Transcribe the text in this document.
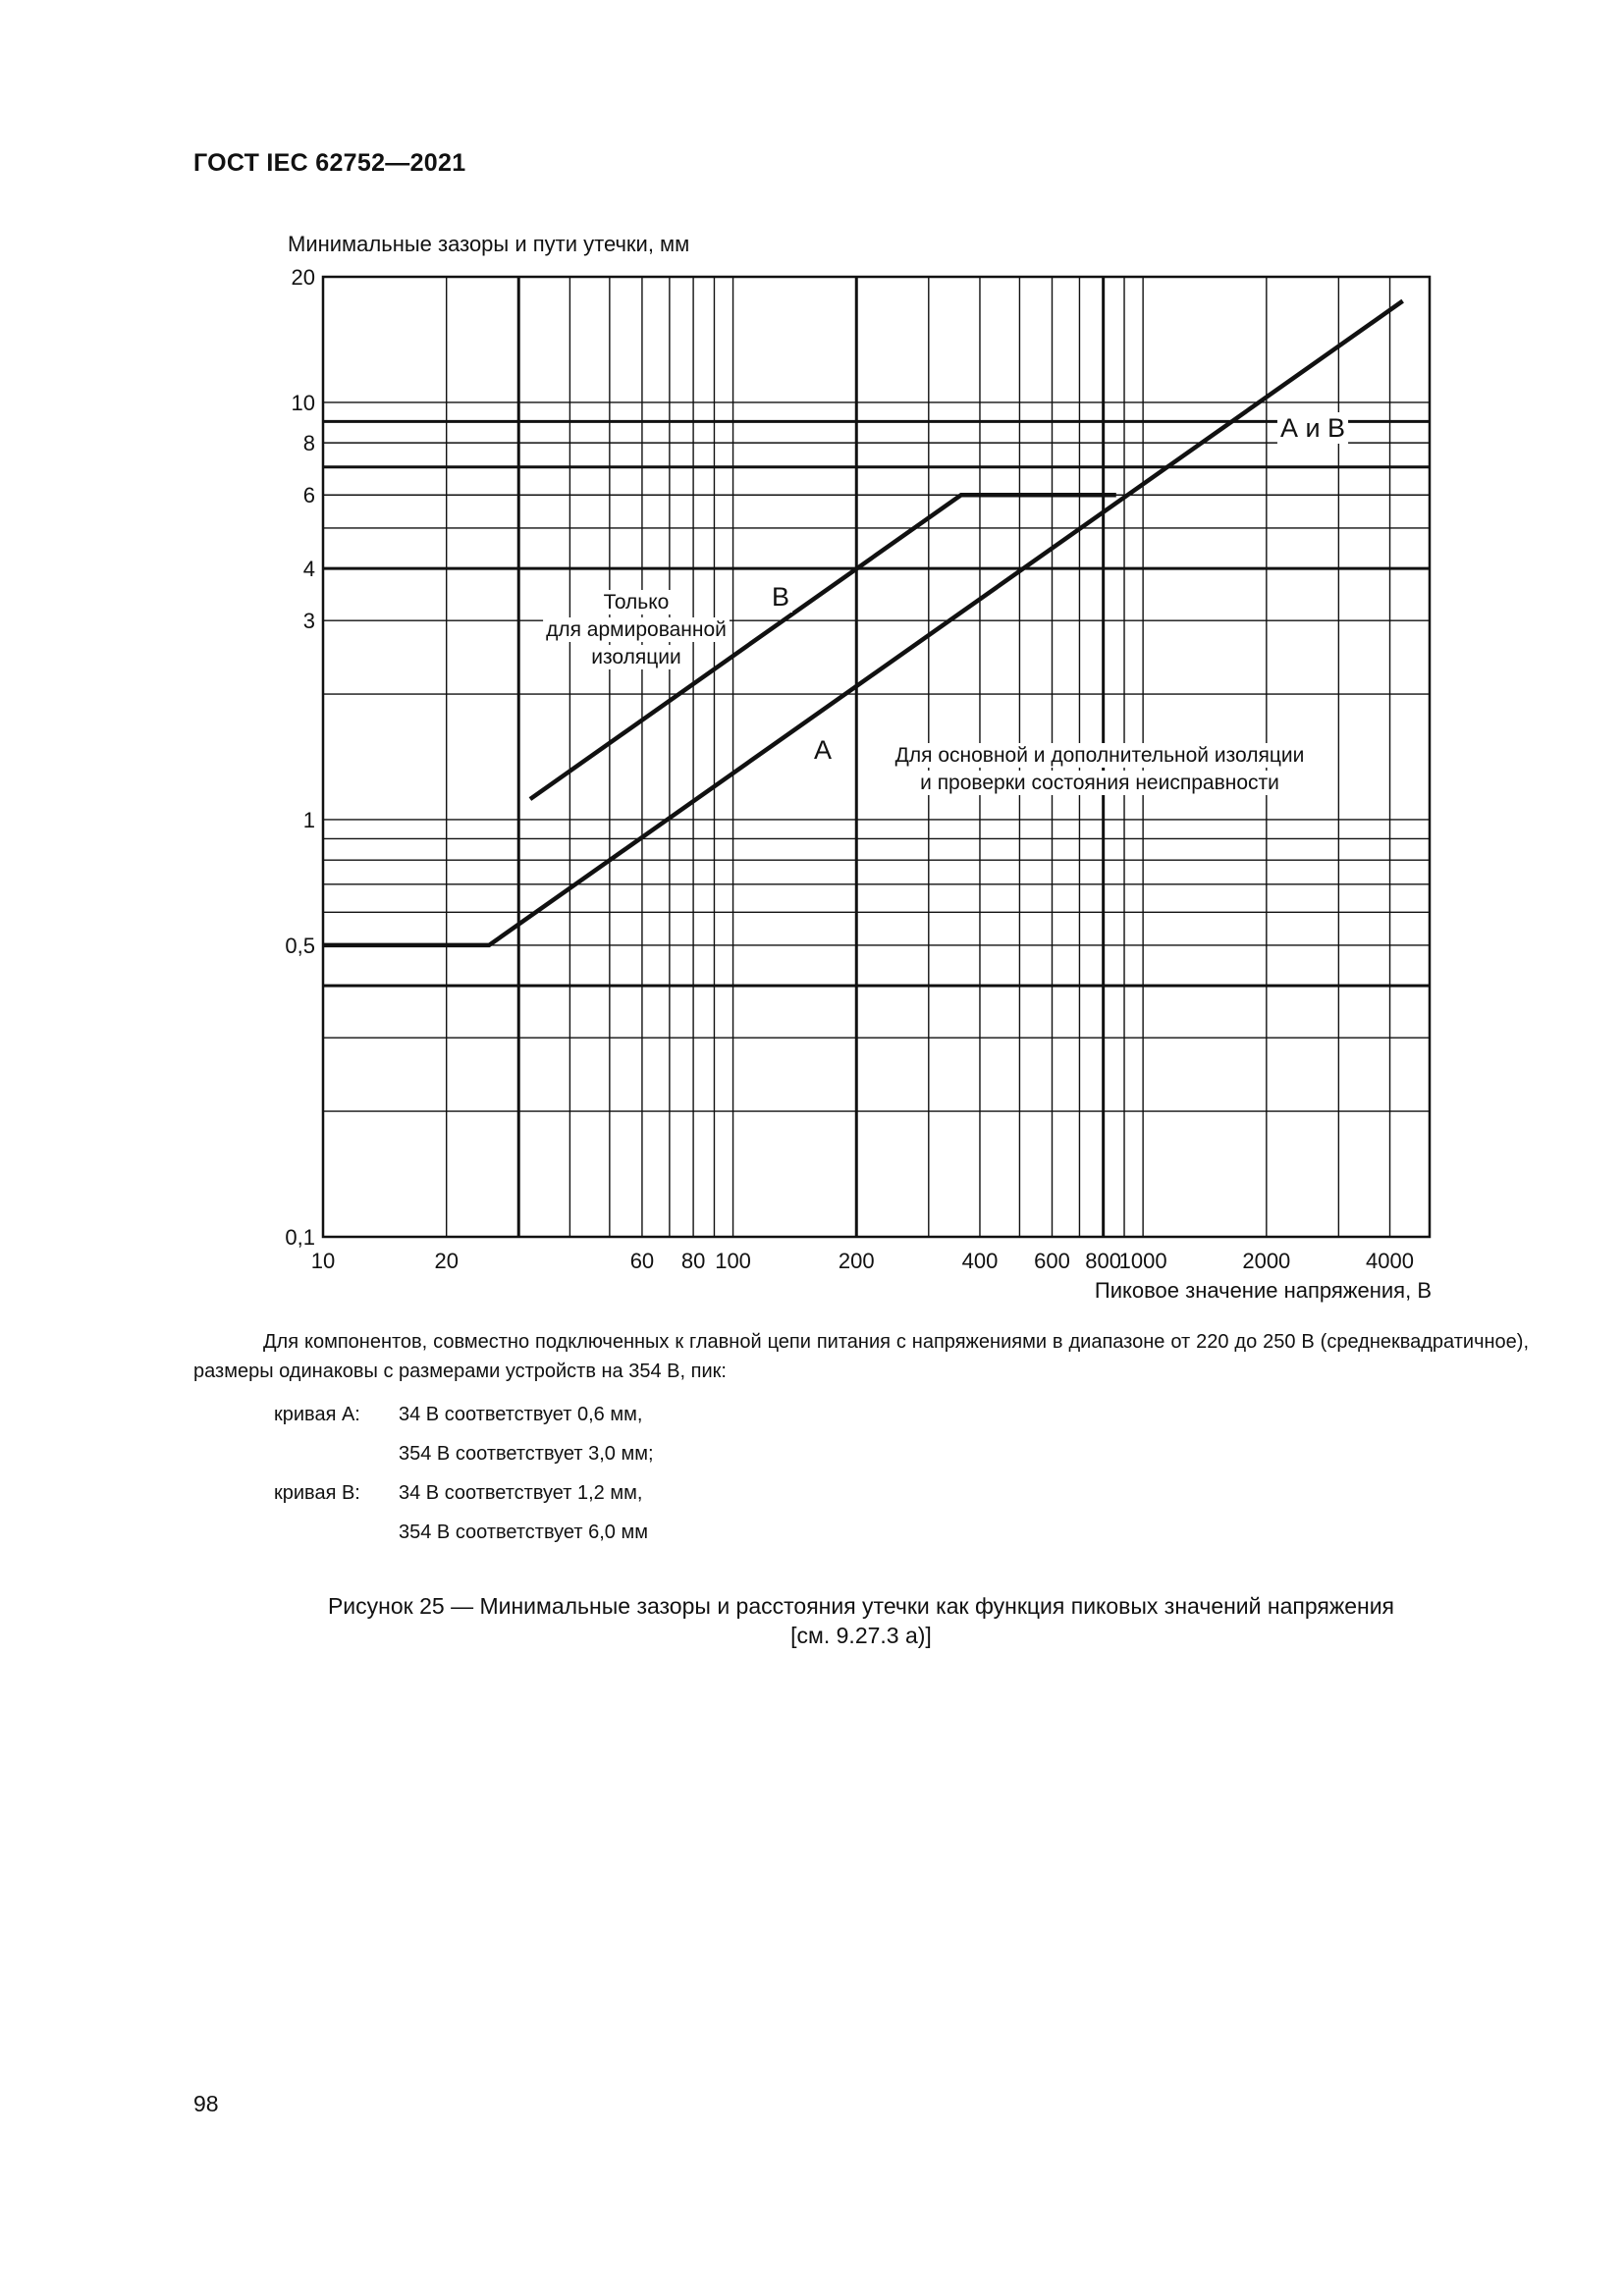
ГОСТ IEC 62752—2021
0,1
0,5
1
3
4
6
8
10
20
10	20	60 80 100	200	400 600 800
1000	2000	4000
Минимальные зазоры и пути утечки, мм
Пиковое значение напряжения, В
Только
для армированной
изоляции
Для основной и дополнительной изоляции
и проверки состояния неисправности
В
А
А и В
Для компонентов, совместно подключенных к главной цепи питания с напряжениями в диапазоне от 220 до 250 В (среднеквадратичное), размеры одинаковы с размерами устройств на 354 В, пик:
кривая А:	34 В соответствует 0,6 мм,
354 В соответствует 3,0 мм;
кривая В:	34 В соответствует 1,2 мм,
354 В соответствует 6,0 мм
Рисунок 25 — Минимальные зазоры и расстояния утечки как функция пиковых значений напряжения
[см. 9.27.3 а)]
98
